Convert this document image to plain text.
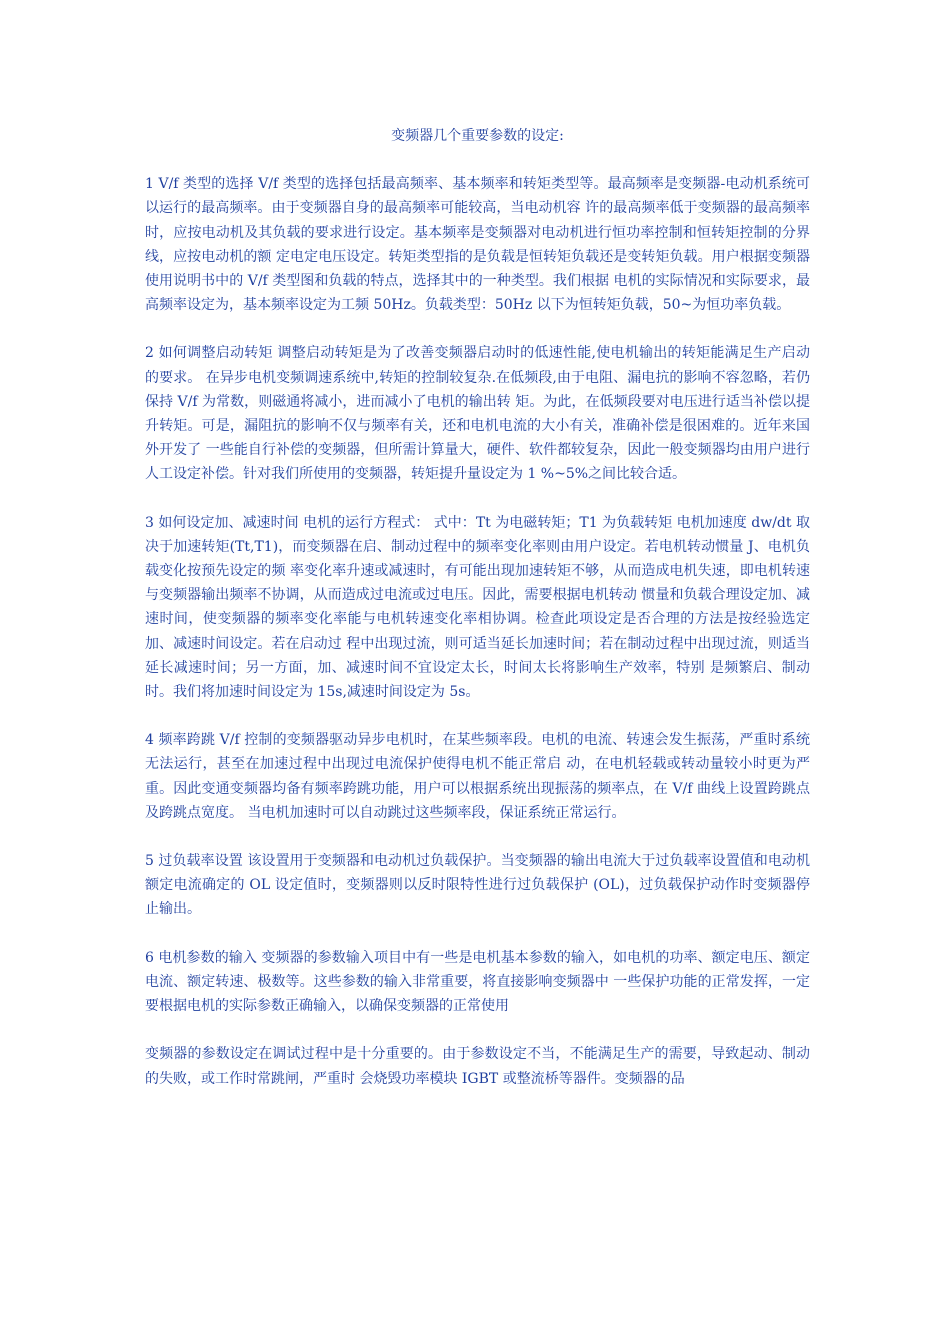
变频器几个重要参数的设定:

1 V/f 类型的选择 V/f 类型的选择包括最高频率、基本频率和转矩类型等。最高频率是变频器-电动机系统可以运行的最高频率。由于变频器自身的最高频率可能较高，当电动机容 许的最高频率低于变频器的最高频率时，应按电动机及其负载的要求进行设定。基本频率是变频器对电动机进行恒功率控制和恒转矩控制的分界线，应按电动机的额 定电定电压设定。转矩类型指的是负载是恒转矩负载还是变转矩负载。用户根据变频器使用说明书中的 V/f 类型图和负载的特点，选择其中的一种类型。我们根据 电机的实际情况和实际要求，最高频率设定为，基本频率设定为工频 50Hz。负载类型：50Hz 以下为恒转矩负载，50~为恒功率负载。

2 如何调整启动转矩 调整启动转矩是为了改善变频器启动时的低速性能,使电机输出的转矩能满足生产启动的要求。 在异步电机变频调速系统中,转矩的控制较复杂.在低频段,由于电阻、漏电抗的影响不容忽略，若仍保持 V/f 为常数，则磁通将减小，进而减小了电机的输出转 矩。为此，在低频段要对电压进行适当补偿以提升转矩。可是，漏阻抗的影响不仅与频率有关，还和电机电流的大小有关，准确补偿是很困难的。近年来国外开发了 一些能自行补偿的变频器，但所需计算量大，硬件、软件都较复杂，因此一般变频器均由用户进行人工设定补偿。针对我们所使用的变频器，转矩提升量设定为 1 %~5%之间比较合适。

3 如何设定加、减速时间 电机的运行方程式： 式中：Tt 为电磁转矩；T1 为负载转矩 电机加速度 dw/dt 取决于加速转矩(Tt,T1)，而变频器在启、制动过程中的频率变化率则由用户设定。若电机转动惯量 J、电机负载变化按预先设定的频 率变化率升速或减速时，有可能出现加速转矩不够，从而造成电机失速，即电机转速与变频器输出频率不协调，从而造成过电流或过电压。因此，需要根据电机转动 惯量和负载合理设定加、减速时间，使变频器的频率变化率能与电机转速变化率相协调。检查此项设定是否合理的方法是按经验选定加、减速时间设定。若在启动过 程中出现过流，则可适当延长加速时间；若在制动过程中出现过流，则适当延长减速时间；另一方面，加、减速时间不宜设定太长，时间太长将影响生产效率，特别 是频繁启、制动时。我们将加速时间设定为 15s,减速时间设定为 5s。

4 频率跨跳 V/f 控制的变频器驱动异步电机时，在某些频率段。电机的电流、转速会发生振荡，严重时系统无法运行，甚至在加速过程中出现过电流保护使得电机不能正常启 动，在电机轻载或转动量较小时更为严重。因此变通变频器均备有频率跨跳功能，用户可以根据系统出现振荡的频率点，在 V/f 曲线上设置跨跳点及跨跳点宽度。 当电机加速时可以自动跳过这些频率段，保证系统正常运行。

5 过负载率设置 该设置用于变频器和电动机过负载保护。当变频器的输出电流大于过负载率设置值和电动机额定电流确定的 OL 设定值时，变频器则以反时限特性进行过负载保护 (OL)，过负载保护动作时变频器停止输出。

6 电机参数的输入 变频器的参数输入项目中有一些是电机基本参数的输入，如电机的功率、额定电压、额定电流、额定转速、极数等。这些参数的输入非常重要，将直接影响变频器中 一些保护功能的正常发挥，一定要根据电机的实际参数正确输入，以确保变频器的正常使用

变频器的参数设定在调试过程中是十分重要的。由于参数设定不当，不能满足生产的需要，导致起动、制动的失败，或工作时常跳闸，严重时 会烧毁功率模块 IGBT 或整流桥等器件。变频器的品
